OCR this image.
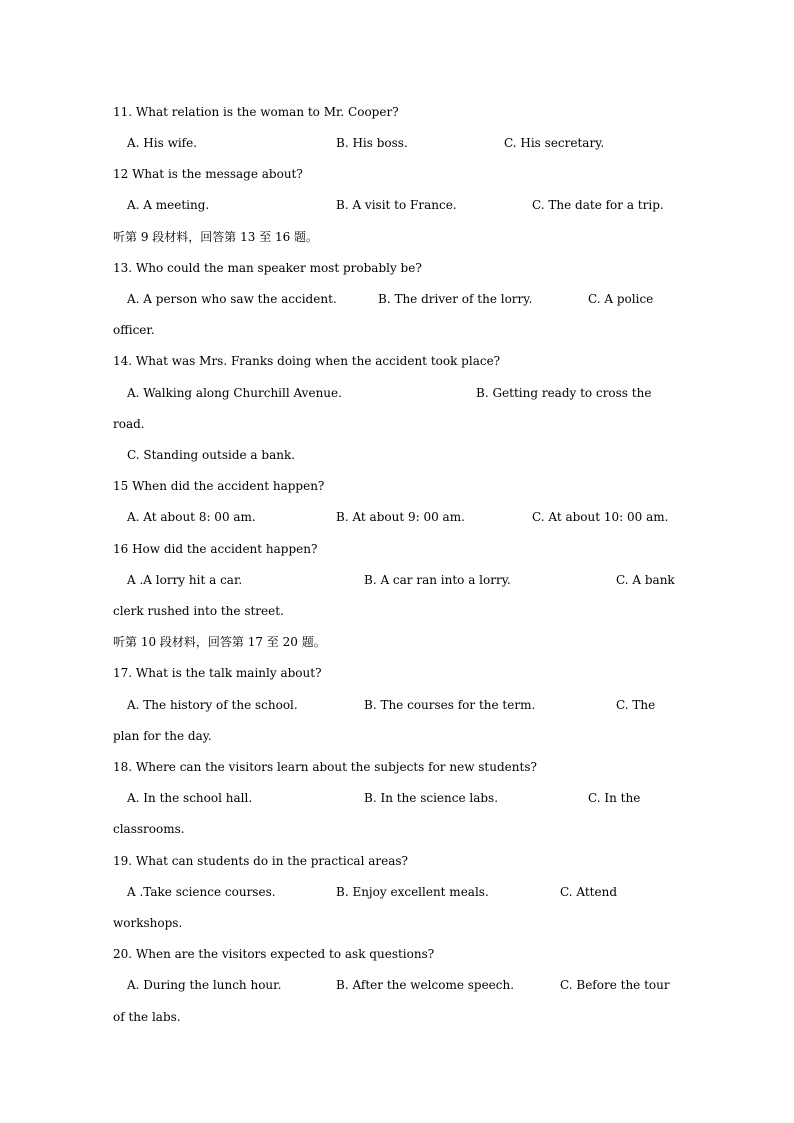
11. What relation is the woman to Mr. Cooper?
A. His wife.	B. His boss.	C. His secretary.
12 What is the message about?
A. A meeting.	B. A visit to France.	C. The date for a trip.
听第 9 段材料，回答第 13 至 16 题。
13. Who could the man speaker most probably be?
A. A person who saw the accident.	B. The driver of the lorry.	C. A police
officer.
14. What was Mrs. Franks doing when the accident took place?
A. Walking along Churchill Avenue.	B. Getting ready to cross the
road.
C. Standing outside a bank.
15 When did the accident happen?
A. At about 8: 00 am.	B. At about 9: 00 am.	C. At about 10: 00 am.
16 How did the accident happen?
A .A lorry hit a car.	B. A car ran into a lorry.	C. A bank
clerk rushed into the street.
听第 10 段材料，回答第 17 至 20 题。
17. What is the talk mainly about?
A. The history of the school.	B. The courses for the term.	C. The
plan for the day.
18. Where can the visitors learn about the subjects for new students?
A. In the school hall.	B. In the science labs.	C. In the
classrooms.
19. What can students do in the practical areas?
A .Take science courses.	B. Enjoy excellent meals.	C. Attend
workshops.
20. When are the visitors expected to ask questions?
A. During the lunch hour.	B. After the welcome speech.	C. Before the tour
of the labs.
